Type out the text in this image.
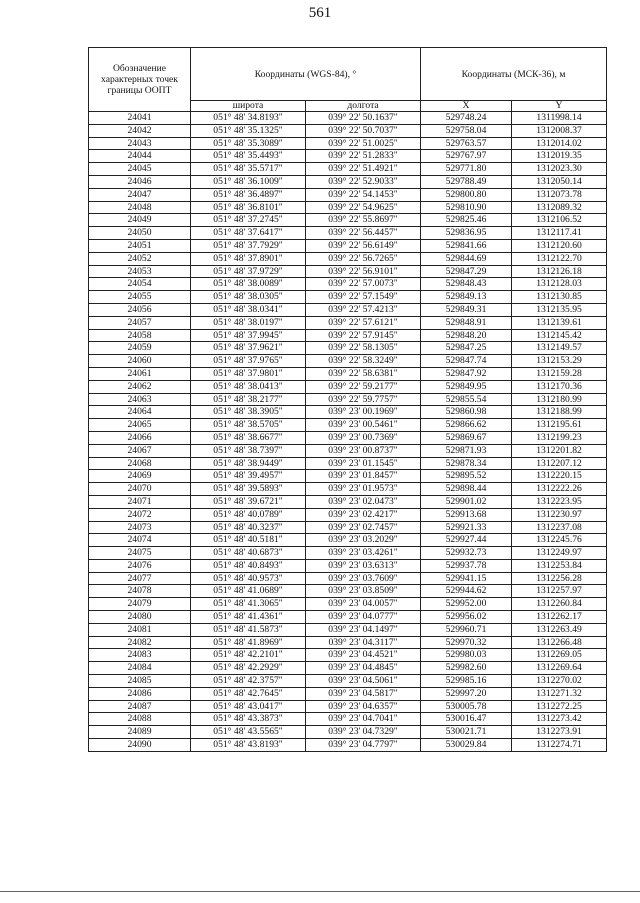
561
Обозначение характерных точек границы ООПТ	Координаты (WGS-84), °		Координаты (МСК-36), м	
	широта	долгота	X	Y
24041	051° 48' 34.8193"	039° 22' 50.1637"	529748.24	1311998.14
24042	051° 48' 35.1325"	039° 22' 50.7037"	529758.04	1312008.37
24043	051° 48' 35.3089"	039° 22' 51.0025"	529763.57	1312014.02
24044	051° 48' 35.4493"	039° 22' 51.2833"	529767.97	1312019.35
24045	051° 48' 35.5717"	039° 22' 51.4921"	529771.80	1312023.30
24046	051° 48' 36.1009"	039° 22' 52.9033"	529788.49	1312050.14
24047	051° 48' 36.4897"	039° 22' 54.1453"	529800.80	1312073.78
24048	051° 48' 36.8101"	039° 22' 54.9625"	529810.90	1312089.32
24049	051° 48' 37.2745"	039° 22' 55.8697"	529825.46	1312106.52
24050	051° 48' 37.6417"	039° 22' 56.4457"	529836.95	1312117.41
24051	051° 48' 37.7929"	039° 22' 56.6149"	529841.66	1312120.60
24052	051° 48' 37.8901"	039° 22' 56.7265"	529844.69	1312122.70
24053	051° 48' 37.9729"	039° 22' 56.9101"	529847.29	1312126.18
24054	051° 48' 38.0089"	039° 22' 57.0073"	529848.43	1312128.03
24055	051° 48' 38.0305"	039° 22' 57.1549"	529849.13	1312130.85
24056	051° 48' 38.0341"	039° 22' 57.4213"	529849.31	1312135.95
24057	051° 48' 38.0197"	039° 22' 57.6121"	529848.91	1312139.61
24058	051° 48' 37.9945"	039° 22' 57.9145"	529848.20	1312145.42
24059	051° 48' 37.9621"	039° 22' 58.1305"	529847.25	1312149.57
24060	051° 48' 37.9765"	039° 22' 58.3249"	529847.74	1312153.29
24061	051° 48' 37.9801"	039° 22' 58.6381"	529847.92	1312159.28
24062	051° 48' 38.0413"	039° 22' 59.2177"	529849.95	1312170.36
24063	051° 48' 38.2177"	039° 22' 59.7757"	529855.54	1312180.99
24064	051° 48' 38.3905"	039° 23' 00.1969"	529860.98	1312188.99
24065	051° 48' 38.5705"	039° 23' 00.5461"	529866.62	1312195.61
24066	051° 48' 38.6677"	039° 23' 00.7369"	529869.67	1312199.23
24067	051° 48' 38.7397"	039° 23' 00.8737"	529871.93	1312201.82
24068	051° 48' 38.9449"	039° 23' 01.1545"	529878.34	1312207.12
24069	051° 48' 39.4957"	039° 23' 01.8457"	529895.52	1312220.15
24070	051° 48' 39.5893"	039° 23' 01.9573"	529898.44	1312222.26
24071	051° 48' 39.6721"	039° 23' 02.0473"	529901.02	1312223.95
24072	051° 48' 40.0789"	039° 23' 02.4217"	529913.68	1312230.97
24073	051° 48' 40.3237"	039° 23' 02.7457"	529921.33	1312237.08
24074	051° 48' 40.5181"	039° 23' 03.2029"	529927.44	1312245.76
24075	051° 48' 40.6873"	039° 23' 03.4261"	529932.73	1312249.97
24076	051° 48' 40.8493"	039° 23' 03.6313"	529937.78	1312253.84
24077	051° 48' 40.9573"	039° 23' 03.7609"	529941.15	1312256.28
24078	051° 48' 41.0689"	039° 23' 03.8509"	529944.62	1312257.97
24079	051° 48' 41.3065"	039° 23' 04.0057"	529952.00	1312260.84
24080	051° 48' 41.4361"	039° 23' 04.0777"	529956.02	1312262.17
24081	051° 48' 41.5873"	039° 23' 04.1497"	529960.71	1312263.49
24082	051° 48' 41.8969"	039° 23' 04.3117"	529970.32	1312266.48
24083	051° 48' 42.2101"	039° 23' 04.4521"	529980.03	1312269.05
24084	051° 48' 42.2929"	039° 23' 04.4845"	529982.60	1312269.64
24085	051° 48' 42.3757"	039° 23' 04.5061"	529985.16	1312270.02
24086	051° 48' 42.7645"	039° 23' 04.5817"	529997.20	1312271.32
24087	051° 48' 43.0417"	039° 23' 04.6357"	530005.78	1312272.25
24088	051° 48' 43.3873"	039° 23' 04.7041"	530016.47	1312273.42
24089	051° 48' 43.5565"	039° 23' 04.7329"	530021.71	1312273.91
24090	051° 48' 43.8193"	039° 23' 04.7797"	530029.84	1312274.71
